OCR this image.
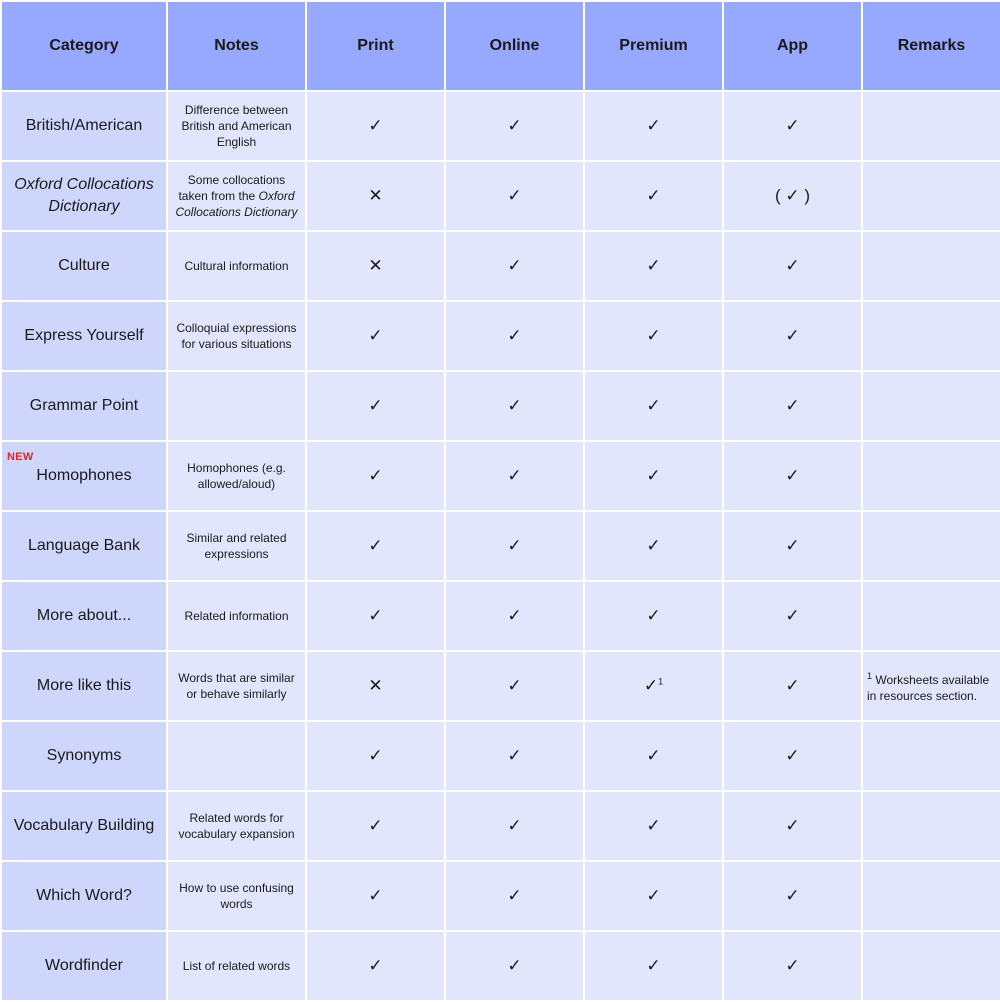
Category	Notes	Print	Online	Premium	App	Remarks
British/American	Difference between British and American English	✓	✓	✓	✓	
Oxford Collocations Dictionary	Some collocations taken from the Oxford Collocations Dictionary	✕	✓	✓	( ✓ )	
Culture	Cultural information	✕	✓	✓	✓	
Express Yourself	Colloquial expressions for various situations	✓	✓	✓	✓	
Grammar Point		✓	✓	✓	✓	

NEW
Homophones	Homophones (e.g. allowed/aloud)	✓	✓	✓	✓	
Language Bank	Similar and related expressions	✓	✓	✓	✓	
More about...	Related information	✓	✓	✓	✓	
More like this	Words that are similar or behave similarly	✕	✓	✓$^1$	✓	$^1$ Worksheets available in resources section.
Synonyms		✓	✓	✓	✓	
Vocabulary Building	Related words for vocabulary expansion	✓	✓	✓	✓	
Which Word?	How to use confusing words	✓	✓	✓	✓	
Wordfinder	List of related words	✓	✓	✓	✓	
